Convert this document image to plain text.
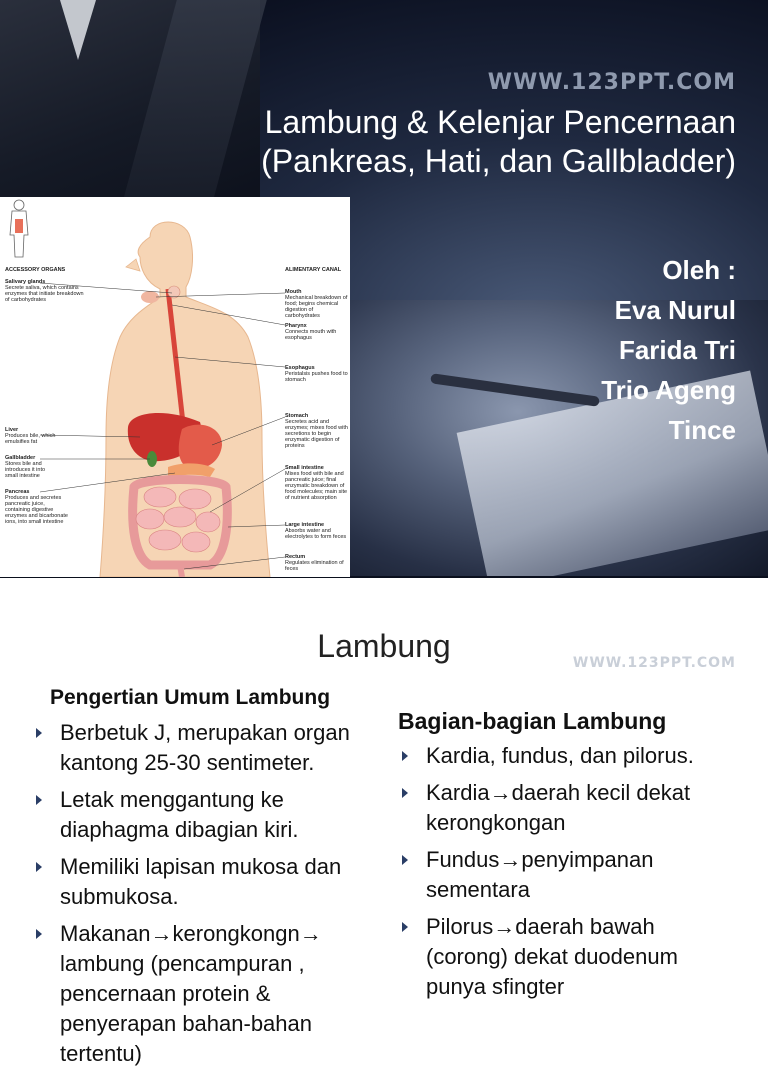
WWW.123PPT.COM
Lambung & Kelenjar Pencernaan
(Pankreas, Hati, dan Gallbladder)
Oleh :
Eva Nurul
Farida Tri
Trio Ageng
Tince
ACCESSORY ORGANS	ALIMENTARY CANAL
Salivary glands
Secrete saliva, which contains enzymes that initiate breakdown of carbohydrates
Liver
Produces bile, which emulsifies fat
Gallbladder
Stores bile and introduces it into small intestine
Pancreas
Produces and secretes pancreatic juice, containing digestive enzymes and bicarbonate ions, into small intestine
Mouth
Mechanical breakdown of food; begins chemical digestion of carbohydrates
Pharynx
Connects mouth with esophagus
Esophagus
Peristalsis pushes food to stomach
Stomach
Secretes acid and enzymes; mixes food with secretions to begin enzymatic digestion of proteins
Small intestine
Mixes food with bile and pancreatic juice; final enzymatic breakdown of food molecules; main site of nutrient absorption
Large intestine
Absorbs water and electrolytes to form feces
Rectum
Regulates elimination of feces
Lambung	WWW.123PPT.COM
Pengertian Umum Lambung
Berbetuk J, merupakan organ kantong 25-30 sentimeter.
Letak menggantung ke diaphagma dibagian kiri.
Memiliki lapisan mukosa dan submukosa.
Makanan→kerongkongn→ lambung (pencampuran , pencernaan protein & penyerapan bahan-bahan tertentu)
Bagian-bagian Lambung
Kardia, fundus, dan pilorus.
Kardia→daerah kecil dekat kerongkongan
Fundus→penyimpanan sementara
Pilorus→daerah bawah (corong) dekat duodenum punya sfingter
